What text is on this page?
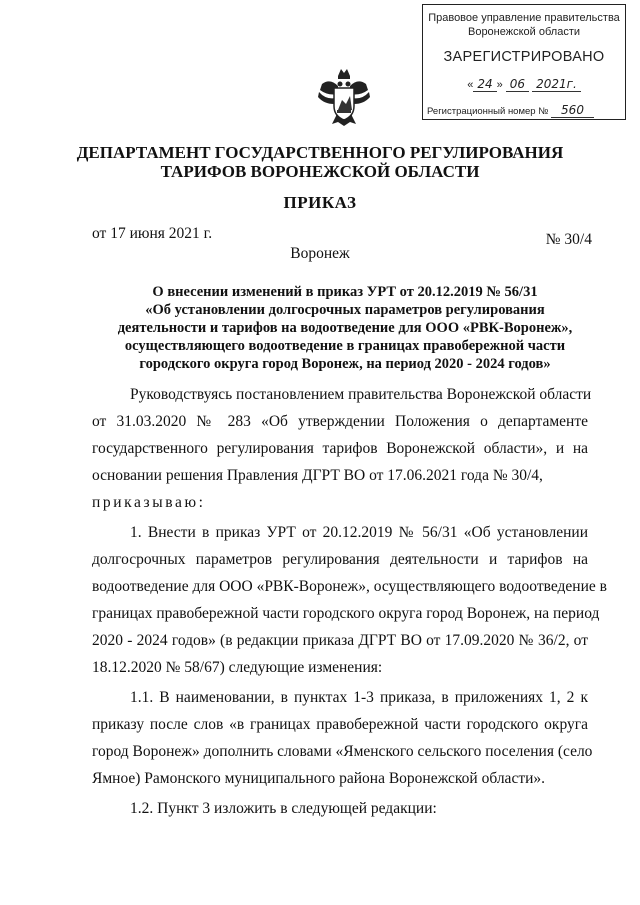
Правовое управление правительства
Воронежской области
ЗАРЕГИСТРИРОВАНО
« 24 » 06 2021г.
Регистрационный номер № 560
ДЕПАРТАМЕНТ ГОСУДАРСТВЕННОГО РЕГУЛИРОВАНИЯ
ТАРИФОВ ВОРОНЕЖСКОЙ ОБЛАСТИ
ПРИКАЗ
от 17 июня 2021 г.	№ 30/4
Воронеж
О внесении изменений в приказ УРТ от 20.12.2019 № 56/31
«Об установлении долгосрочных параметров регулирования
деятельности и тарифов на водоотведение для ООО «РВК-Воронеж»,
осуществляющего водоотведение в границах правобережной части
городского округа город Воронеж, на период 2020 - 2024 годов»
Руководствуясь постановлением правительства Воронежской области
от 31.03.2020 № 283 «Об утверждении Положения о департаменте
государственного регулирования тарифов Воронежской области», и на
основании решения Правления ДГРТ ВО от 17.06.2021 года № 30/4,
приказываю:
1. Внести в приказ УРТ от 20.12.2019 № 56/31 «Об установлении
долгосрочных параметров регулирования деятельности и тарифов на
водоотведение для ООО «РВК-Воронеж», осуществляющего водоотведение в
границах правобережной части городского округа город Воронеж, на период
2020 - 2024 годов» (в редакции приказа ДГРТ ВО от 17.09.2020 № 36/2, от
18.12.2020 № 58/67) следующие изменения:
1.1. В наименовании, в пунктах 1-3 приказа, в приложениях 1, 2 к
приказу после слов «в границах правобережной части городского округа
город Воронеж» дополнить словами «Яменского сельского поселения (село
Ямное) Рамонского муниципального района Воронежской области».
1.2. Пункт 3 изложить в следующей редакции:
